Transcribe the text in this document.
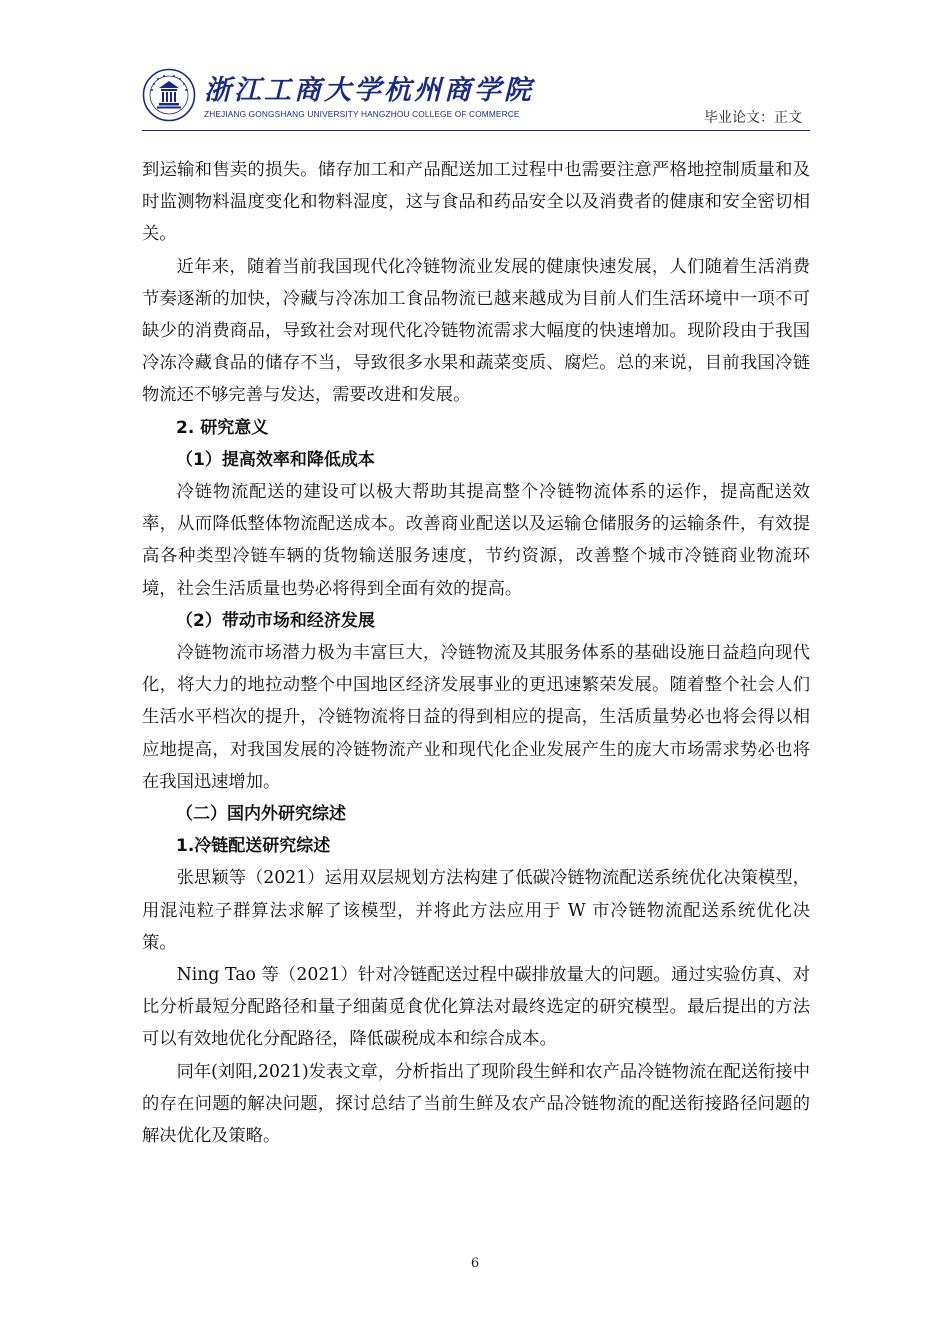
浙江工商大学杭州商学院
ZHEJIANG GONGSHANG UNIVERSITY HANGZHOU COLLEGE OF COMMERCE	毕业论文：正文

到运输和售卖的损失。储存加工和产品配送加工过程中也需要注意严格地控制质量和及时监测物料温度变化和物料湿度，这与食品和药品安全以及消费者的健康和安全密切相关。

近年来，随着当前我国现代化冷链物流业发展的健康快速发展，人们随着生活消费节奏逐渐的加快，冷藏与冷冻加工食品物流已越来越成为目前人们生活环境中一项不可缺少的消费商品，导致社会对现代化冷链物流需求大幅度的快速增加。现阶段由于我国冷冻冷藏食品的储存不当，导致很多水果和蔬菜变质、腐烂。总的来说，目前我国冷链物流还不够完善与发达，需要改进和发展。

2. 研究意义

（1）提高效率和降低成本

冷链物流配送的建设可以极大帮助其提高整个冷链物流体系的运作，提高配送效率，从而降低整体物流配送成本。改善商业配送以及运输仓储服务的运输条件，有效提高各种类型冷链车辆的货物输送服务速度，节约资源，改善整个城市冷链商业物流环境，社会生活质量也势必将得到全面有效的提高。

（2）带动市场和经济发展

冷链物流市场潜力极为丰富巨大，冷链物流及其服务体系的基础设施日益趋向现代化，将大力的地拉动整个中国地区经济发展事业的更迅速繁荣发展。随着整个社会人们生活水平档次的提升，冷链物流将日益的得到相应的提高，生活质量势必也将会得以相应地提高，对我国发展的冷链物流产业和现代化企业发展产生的庞大市场需求势必也将在我国迅速增加。

（二）国内外研究综述

1.冷链配送研究综述

张思颖等（2021）运用双层规划方法构建了低碳冷链物流配送系统优化决策模型，用混沌粒子群算法求解了该模型，并将此方法应用于 W 市冷链物流配送系统优化决策。

Ning Tao 等（2021）针对冷链配送过程中碳排放量大的问题。通过实验仿真、对比分析最短分配路径和量子细菌觅食优化算法对最终选定的研究模型。最后提出的方法可以有效地优化分配路径，降低碳税成本和综合成本。

同年(刘阳,2021)发表文章，分析指出了现阶段生鲜和农产品冷链物流在配送衔接中的存在问题的解决问题，探讨总结了当前生鲜及农产品冷链物流的配送衔接路径问题的解决优化及策略。

6
